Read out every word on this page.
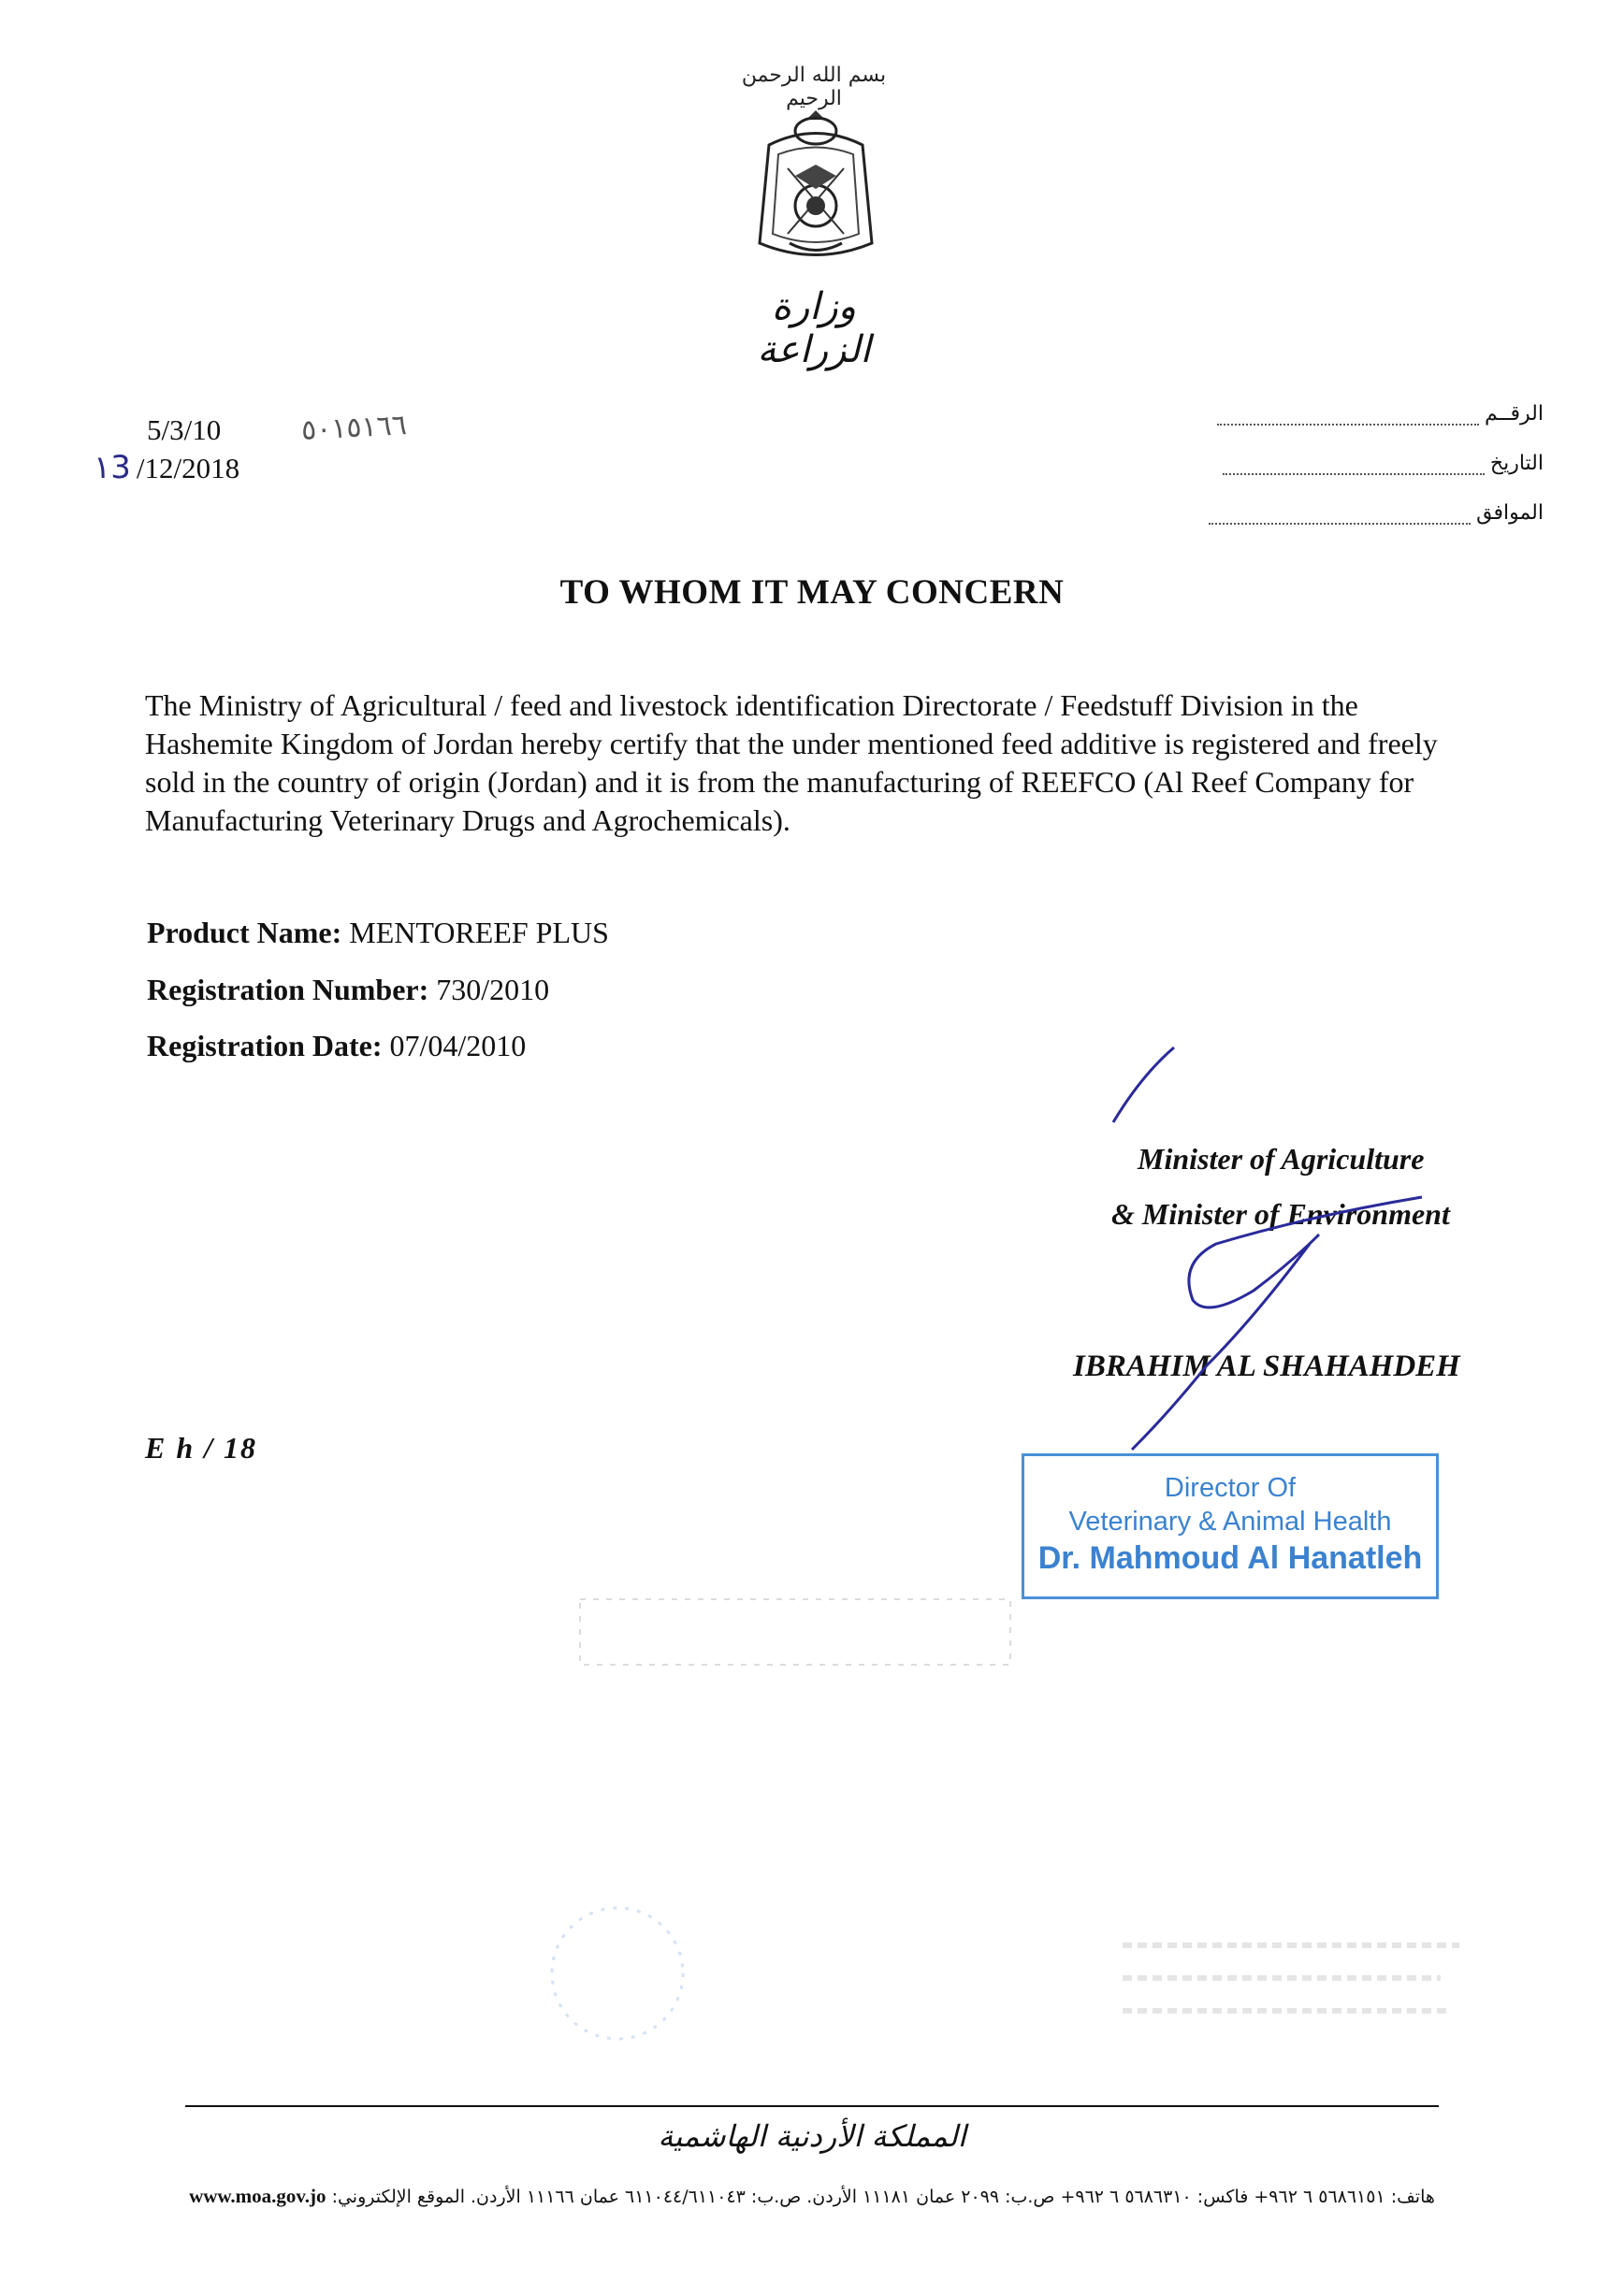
بسم الله الرحمن الرحيم
وزارة الزراعة
5/3/10
١3 /12/2018
٥٠١٥١٦٦	الرقــم
التاريخ
الموافق
TO WHOM IT MAY CONCERN
The Ministry of Agricultural / feed and livestock identification Directorate / Feedstuff Division in the Hashemite Kingdom of Jordan hereby certify that the under mentioned feed additive is registered and freely sold in the country of origin (Jordan) and it is from the manufacturing of REEFCO (Al Reef Company for Manufacturing Veterinary Drugs and Agrochemicals).
Product Name: MENTOREEF PLUS
Registration Number: 730/2010
Registration Date: 07/04/2010
Minister of Agriculture
& Minister of Environment
IBRAHIM AL SHAHAHDEH
E h / 18
Director Of
Veterinary & Animal Health
Dr. Mahmoud Al Hanatleh
المملكة الأردنية الهاشمية
www.moa.gov.jo هاتف: ٥٦٨٦١٥١ ٦ ٩٦٢+ فاكس: ٥٦٨٦٣١٠ ٦ ٩٦٢+ ص.ب: ٢٠٩٩ عمان ١١١٨١ الأردن. ص.ب: ٦١١٠٤٤/٦١١٠٤٣ عمان ١١١٦٦ الأردن. الموقع الإلكتروني:
